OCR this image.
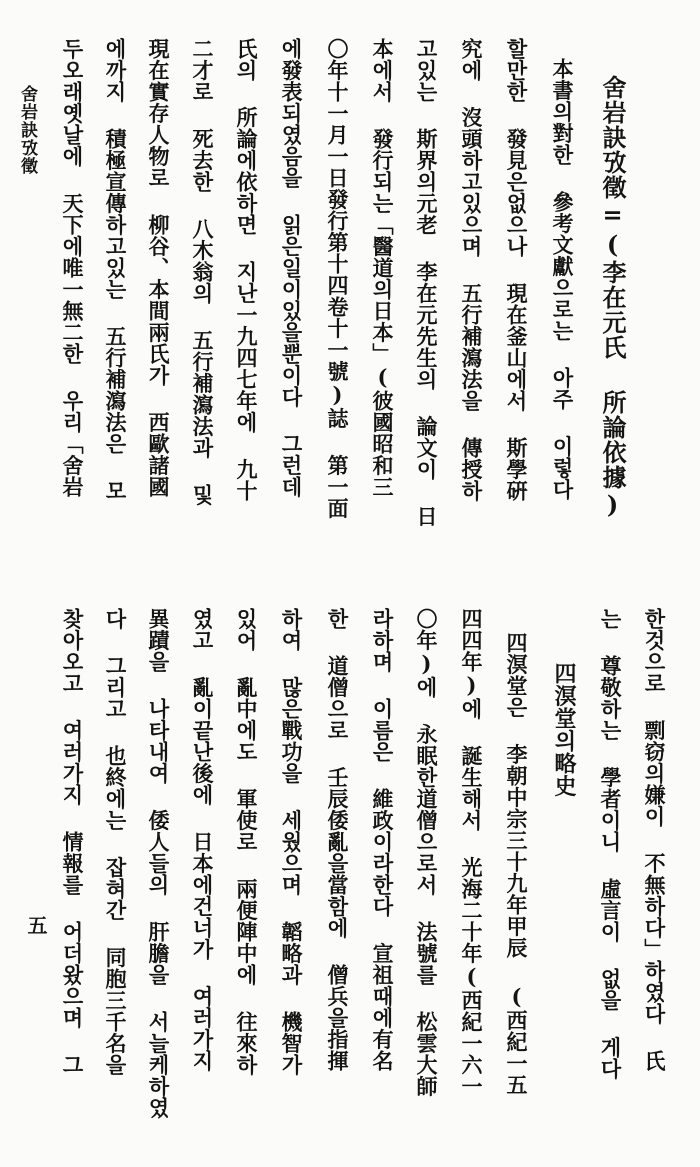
舍岩訣攷徵=(李在元氏 所論依據)
本書의對한 參考文獻으로는 아주 이렇다
할만한 發見은없으나 現在釜山에서 斯學硏
究에 沒頭하고있으며 五行補瀉法을 傳授하
고있는 斯界의元老 李在元先生의 論文이 日
本에서 發行되는「醫道의日本」(彼國昭和三
〇年十一月一日發行第十四卷十一號)誌 第一面
에發表되였음을 읽은일이있을뿐이다 그런데
氏의 所論에依하면 지난一九四七年에 九十
二才로 死去한 八木翁의 五行補瀉法과 및
現在實存人物로 柳谷、本間兩氏가 西歐諸國
에까지 積極宣傳하고있는 五行補瀉法은 모
두오래옛날에 天下에唯一無二한 우리「舍岩
舍岩訣攷徵
한것으로 剽窃의嫌이 不無하다」하였다 氏
는 尊敬하는 學者이니 虛言이 없을 게다
四溟堂의略史
四溟堂은 李朝中宗三十九年甲辰 (西紀一五
四四年)에 誕生해서 光海二十年(西紀一六一
〇年)에 永眠한道僧으로서 法號를 松雲大師
라하며 이름은 維政이라한다 宣祖때에有名
한 道僧으로 壬辰倭亂을當함에 僧兵을指揮
하여 많은戰功을 세웠으며 韜略과 機智가
있어 亂中에도 軍使로 兩便陣中에 往來하
였고 亂이끝난後에 日本에건너가 여러가지
異蹟을 나타내여 倭人들의 肝膽을 서늘케하였
다 그리고 也終에는 잡혀간 同胞三千名을
찾아오고 여러가지 情報를 어더왔으며 그
五
